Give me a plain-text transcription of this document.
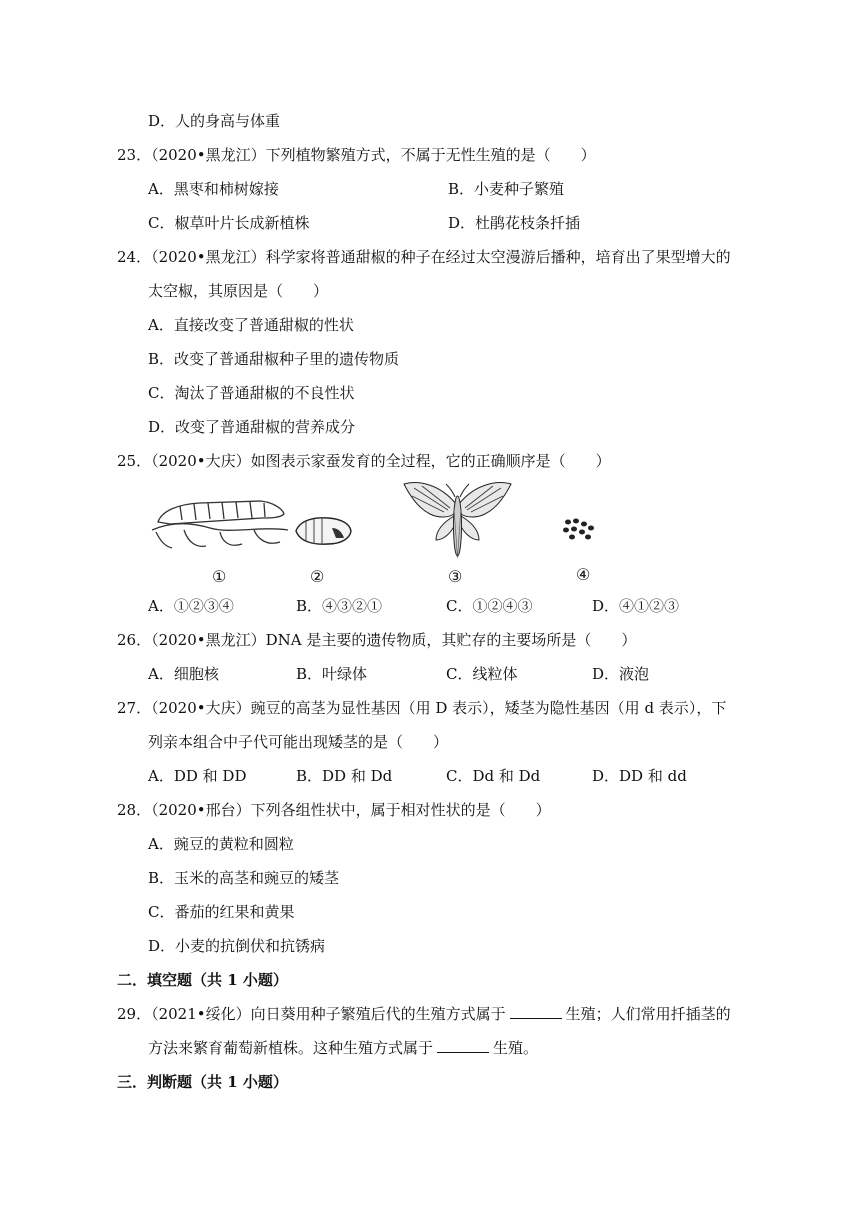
D．人的身高与体重
23．（2020•黑龙江）下列植物繁殖方式，不属于无性生殖的是（　　）
A．黑枣和柿树嫁接	B．小麦种子繁殖
C．椒草叶片长成新植株	D．杜鹃花枝条扦插
24．（2020•黑龙江）科学家将普通甜椒的种子在经过太空漫游后播种，培育出了果型增大的
太空椒，其原因是（　　）
A．直接改变了普通甜椒的性状
B．改变了普通甜椒种子里的遗传物质
C．淘汰了普通甜椒的不良性状
D．改变了普通甜椒的营养成分
25．（2020•大庆）如图表示家蚕发育的全过程，它的正确顺序是（　　）
①	②	③	④
A．①②③④	B．④③②①	C．①②④③	D．④①②③
26．（2020•黑龙江）DNA 是主要的遗传物质，其贮存的主要场所是（　　）
A．细胞核	B．叶绿体	C．线粒体	D．液泡
27．（2020•大庆）豌豆的高茎为显性基因（用 D 表示），矮茎为隐性基因（用 d 表示），下
列亲本组合中子代可能出现矮茎的是（　　）
A．DD 和 DD	B．DD 和 Dd	C．Dd 和 Dd	D．DD 和 dd
28．（2020•邢台）下列各组性状中，属于相对性状的是（　　）
A．豌豆的黄粒和圆粒
B．玉米的高茎和豌豆的矮茎
C．番茄的红果和黄果
D．小麦的抗倒伏和抗锈病
二．填空题（共 1 小题）
29．（2021•绥化）向日葵用种子繁殖后代的生殖方式属于	生殖；人们常用扦插茎的
方法来繁育葡萄新植株。这种生殖方式属于	生殖。
三．判断题（共 1 小题）
